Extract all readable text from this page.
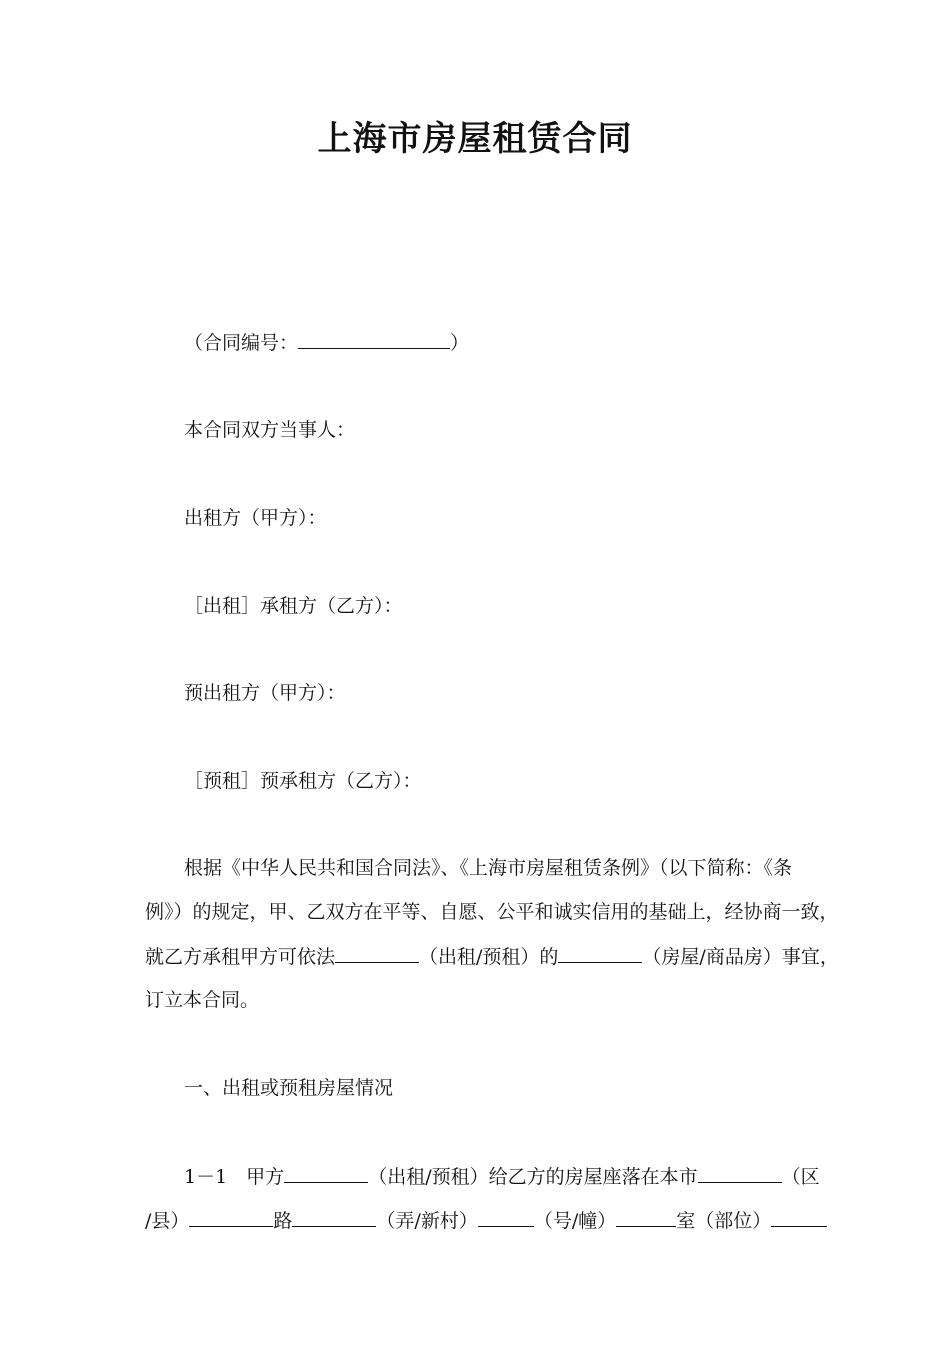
上海市房屋租赁合同
（合同编号：	）
本合同双方当事人：
出租方（甲方）：
［出租］承租方（乙方）：
预出租方（甲方）：
［预租］预承租方（乙方）：
根据《中华人民共和国合同法》、《上海市房屋租赁条例》（以下简称：《条
例》）的规定，甲、乙双方在平等、自愿、公平和诚实信用的基础上，经协商一致，
就乙方承租甲方可依法	（出租/预租）的	（房屋/商品房）事宜，
订立本合同。
一、出租或预租房屋情况
1－1　甲方	（出租/预租）给乙方的房屋座落在本市	（区
/县）	路	（弄/新村）	（号/幢）	室（部位）
